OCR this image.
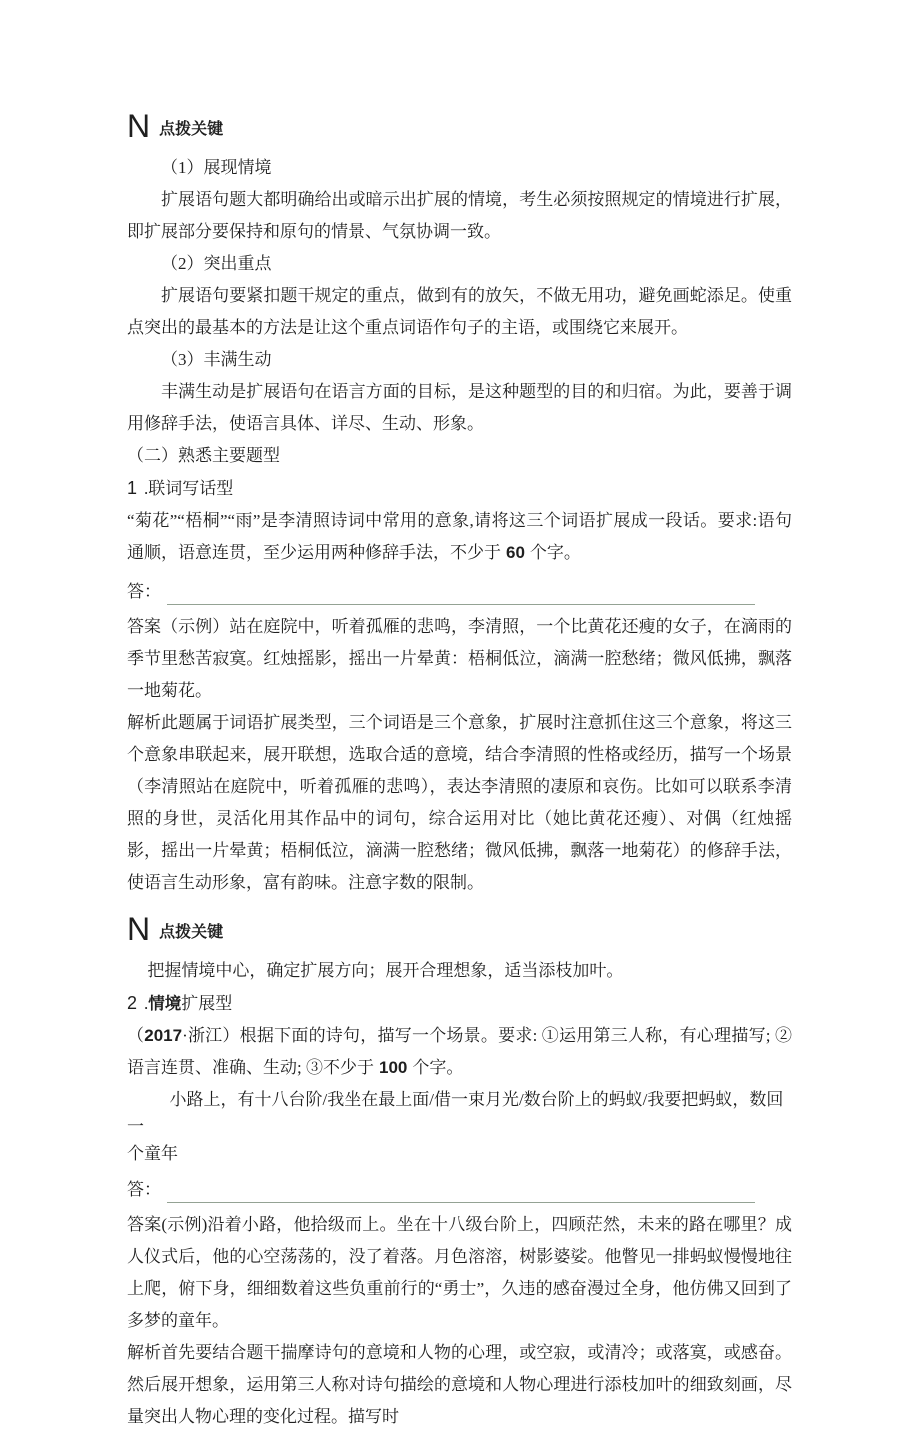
N 点拨关键

（1）展现情境

扩展语句题大都明确给出或暗示出扩展的情境，考生必须按照规定的情境进行扩展，即扩展部分要保持和原句的情景、气氛协调一致。

（2）突出重点

扩展语句要紧扣题干规定的重点，做到有的放矢，不做无用功，避免画蛇添足。使重点突出的最基本的方法是让这个重点词语作句子的主语，或围绕它来展开。

（3）丰满生动

丰满生动是扩展语句在语言方面的目标，是这种题型的目的和归宿。为此，要善于调用修辞手法，使语言具体、详尽、生动、形象。

（二）熟悉主要题型

1 .联词写话型

“菊花”“梧桐”“雨”是李清照诗词中常用的意象,请将这三个词语扩展成一段话。要求:语句通顺，语意连贯，至少运用两种修辞手法，不少于 60 个字。

答：

答案（示例）站在庭院中，听着孤雁的悲鸣，李清照，一个比黄花还瘦的女子，在滴雨的季节里愁苦寂寞。红烛摇影，摇出一片晕黄：梧桐低泣，滴满一腔愁绪；微风低拂，飘落一地菊花。

解析此题属于词语扩展类型，三个词语是三个意象，扩展时注意抓住这三个意象，将这三个意象串联起来，展开联想，选取合适的意境，结合李清照的性格或经历，描写一个场景（李清照站在庭院中，听着孤雁的悲鸣），表达李清照的凄原和哀伤。比如可以联系李清照的身世，灵活化用其作品中的词句，综合运用对比（她比黄花还瘦）、对偶（红烛摇影，摇出一片晕黄；梧桐低泣，滴满一腔愁绪；微风低拂，飘落一地菊花）的修辞手法，使语言生动形象，富有韵味。注意字数的限制。

N 点拨关键

把握情境中心，确定扩展方向；展开合理想象，适当添枝加叶。

2 .情境扩展型

（2017·浙江）根据下面的诗句，描写一个场景。要求: ①运用第三人称，有心理描写; ②语言连贯、准确、生动; ③不少于 100 个字。

小路上，有十八台阶/我坐在最上面/借一束月光/数台阶上的蚂蚁/我要把蚂蚁，数回一

个童年

答：

答案(示例)沿着小路，他拾级而上。坐在十八级台阶上，四顾茫然，未来的路在哪里？成人仪式后，他的心空荡荡的，没了着落。月色溶溶，树影婆娑。他瞥见一排蚂蚁慢慢地往上爬，俯下身，细细数着这些负重前行的“勇士”，久违的感奋漫过全身，他仿佛又回到了多梦的童年。

解析首先要结合题干揣摩诗句的意境和人物的心理，或空寂，或清冷；或落寞，或感奋。然后展开想象，运用第三人称对诗句描绘的意境和人物心理进行添枝加叶的细致刻画，尽量突出人物心理的变化过程。描写时
